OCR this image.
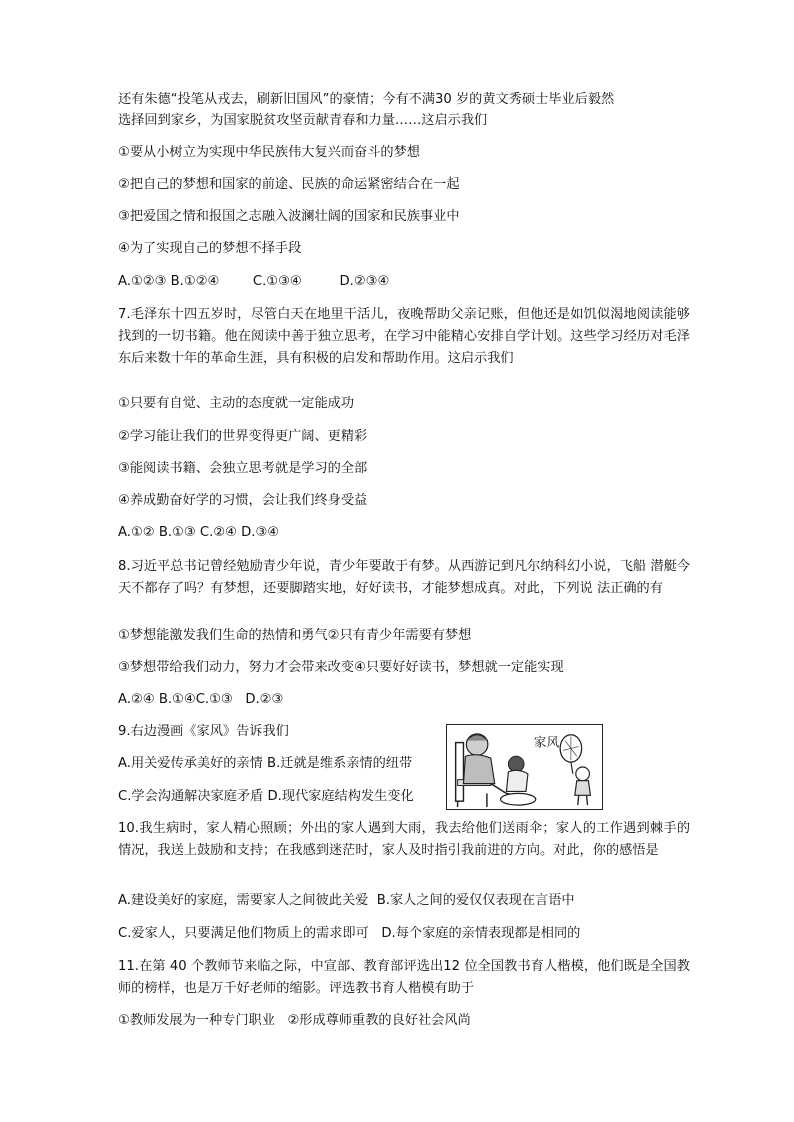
还有朱德“投笔从戎去，刷新旧国风”的豪情；今有不满30 岁的黄文秀硕士毕业后毅然
选择回到家乡，为国家脱贫攻坚贡献青春和力量……这启示我们
①要从小树立为实现中华民族伟大复兴而奋斗的梦想
②把自己的梦想和国家的前途、民族的命运紧密结合在一起
③把爱国之情和报国之志融入波澜壮阔的国家和民族事业中
④为了实现自己的梦想不择手段
A.①②③ B.①②④        C.①③④         D.②③④
7.毛泽东十四五岁时，尽管白天在地里干活儿，夜晚帮助父亲记账，但他还是如饥似渴地阅读能够找到的一切书籍。他在阅读中善于独立思考，在学习中能精心安排自学计划。这些学习经历对毛泽东后来数十年的革命生涯，具有积极的启发和帮助作用。这启示我们
①只要有自觉、主动的态度就一定能成功
②学习能让我们的世界变得更广阔、更精彩
③能阅读书籍、会独立思考就是学习的全部
④养成勤奋好学的习惯，会让我们终身受益
A.①② B.①③ C.②④ D.③④
8.习近平总书记曾经勉励青少年说，青少年要敢于有梦。从西游记到凡尔纳科幻小说，飞船 潜艇今天不都存了吗？有梦想，还要脚踏实地，好好读书，才能梦想成真。对此，下列说 法正确的有
①梦想能激发我们生命的热情和勇气②只有青少年需要有梦想
③梦想带给我们动力，努力才会带来改变④只要好好读书，梦想就一定能实现
A.②④ B.①④C.①③   D.②③
9.右边漫画《家风》告诉我们
A.用关爱传承美好的亲情 B.迁就是维系亲情的纽带
C.学会沟通解决家庭矛盾 D.现代家庭结构发生变化
家风
10.我生病时，家人精心照顾；外出的家人遇到大雨，我去给他们送雨伞；家人的工作遇到棘手的情况，我送上鼓励和支持；在我感到迷茫时，家人及时指引我前进的方向。对此，你的感悟是
A.建设美好的家庭，需要家人之间彼此关爱  B.家人之间的爱仅仅表现在言语中
C.爱家人，只要满足他们物质上的需求即可   D.每个家庭的亲情表现都是相同的
11.在第 40 个教师节来临之际，中宣部、教育部评选出12 位全国教书育人楷模，他们既是全国教师的榜样，也是万千好老师的缩影。评选教书育人楷模有助于
①教师发展为一种专门职业   ②形成尊师重教的良好社会风尚
